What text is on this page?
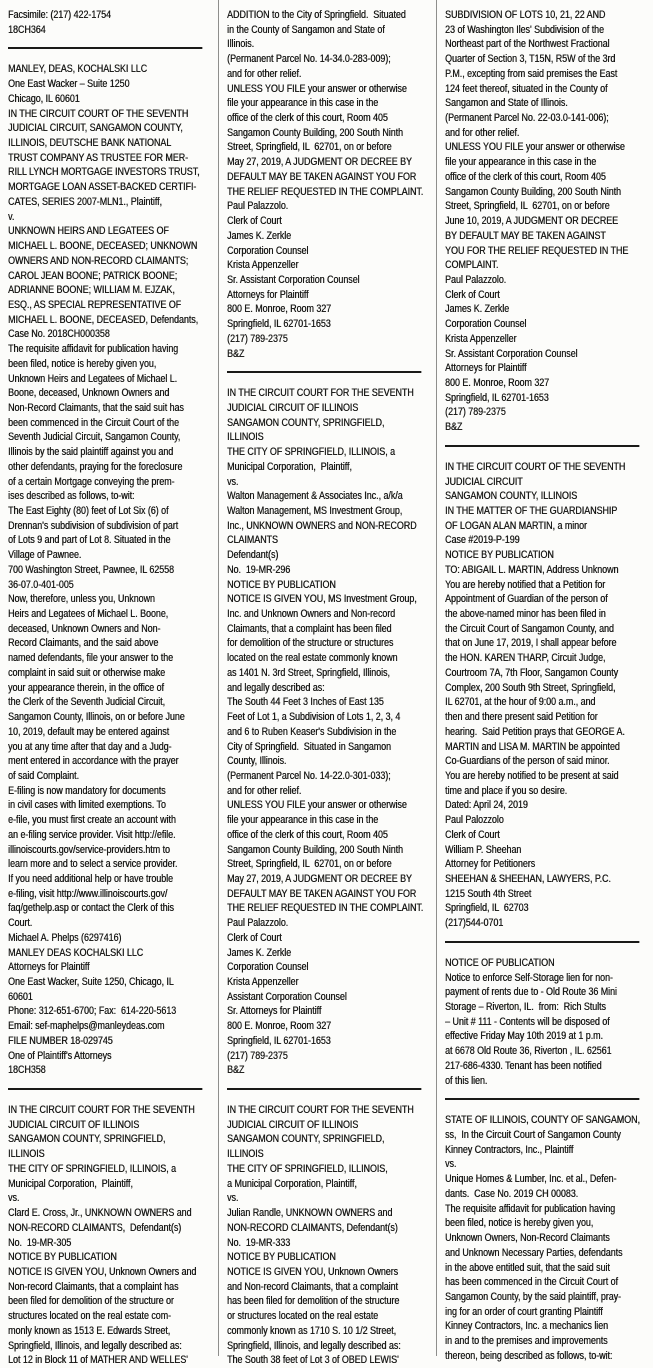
Facsimile: (217) 422-1754
18CH364
MANLEY, DEAS, KOCHALSKI LLC
One East Wacker – Suite 1250
Chicago, IL 60601
IN THE CIRCUIT COURT OF THE SEVENTH
JUDICIAL CIRCUIT, SANGAMON COUNTY,
ILLINOIS, DEUTSCHE BANK NATIONAL
TRUST COMPANY AS TRUSTEE FOR MER-
RILL LYNCH MORTGAGE INVESTORS TRUST,
MORTGAGE LOAN ASSET-BACKED CERTIFI-
CATES, SERIES 2007-MLN1., Plaintiff,
v.
UNKNOWN HEIRS AND LEGATEES OF
MICHAEL L. BOONE, DECEASED; UNKNOWN
OWNERS AND NON-RECORD CLAIMANTS;
CAROL JEAN BOONE; PATRICK BOONE;
ADRIANNE BOONE; WILLIAM M. EJZAK,
ESQ., AS SPECIAL REPRESENTATIVE OF
MICHAEL L. BOONE, DECEASED, Defendants,
Case No. 2018CH000358
The requisite affidavit for publication having
been filed, notice is hereby given you,
Unknown Heirs and Legatees of Michael L.
Boone, deceased, Unknown Owners and
Non-Record Claimants, that the said suit has
been commenced in the Circuit Court of the
Seventh Judicial Circuit, Sangamon County,
Illinois by the said plaintiff against you and
other defendants, praying for the foreclosure
of a certain Mortgage conveying the prem-
ises described as follows, to-wit:
The East Eighty (80) feet of Lot Six (6) of
Drennan's subdivision of subdivision of part
of Lots 9 and part of Lot 8. Situated in the
Village of Pawnee.
700 Washington Street, Pawnee, IL 62558
36-07.0-401-005
Now, therefore, unless you, Unknown
Heirs and Legatees of Michael L. Boone,
deceased, Unknown Owners and Non-
Record Claimants, and the said above
named defendants, file your answer to the
complaint in said suit or otherwise make
your appearance therein, in the office of
the Clerk of the Seventh Judicial Circuit,
Sangamon County, Illinois, on or before June
10, 2019, default may be entered against
you at any time after that day and a Judg-
ment entered in accordance with the prayer
of said Complaint.
E-filing is now mandatory for documents
in civil cases with limited exemptions. To
e-file, you must first create an account with
an e-filing service provider. Visit http://efile.
illinoiscourts.gov/service-providers.htm to
learn more and to select a service provider.
If you need additional help or have trouble
e-filing, visit http://www.illinoiscourts.gov/
faq/gethelp.asp or contact the Clerk of this
Court.
Michael A. Phelps (6297416)
MANLEY DEAS KOCHALSKI LLC
Attorneys for Plaintiff
One East Wacker, Suite 1250, Chicago, IL
60601
Phone: 312-651-6700; Fax:  614-220-5613
Email: sef-maphelps@manleydeas.com
FILE NUMBER 18-029745
One of Plaintiff's Attorneys
18CH358
IN THE CIRCUIT COURT FOR THE SEVENTH
JUDICIAL CIRCUIT OF ILLINOIS
SANGAMON COUNTY, SPRINGFIELD,
ILLINOIS
THE CITY OF SPRINGFIELD, ILLINOIS, a
Municipal Corporation,  Plaintiff,
vs.
Clard E. Cross, Jr., UNKNOWN OWNERS and
NON-RECORD CLAIMANTS,  Defendant(s)
No.  19-MR-305
NOTICE BY PUBLICATION
NOTICE IS GIVEN YOU, Unknown Owners and
Non-record Claimants, that a complaint has
been filed for demolition of the structure or
structures located on the real estate com-
monly known as 1513 E. Edwards Street,
Springfield, Illinois, and legally described as:
Lot 12 in Block 11 of MATHER AND WELLES'
ADDITION to the City of Springfield.  Situated
in the County of Sangamon and State of
Illinois.
(Permanent Parcel No. 14-34.0-283-009);
and for other relief.
UNLESS YOU FILE your answer or otherwise
file your appearance in this case in the
office of the clerk of this court, Room 405
Sangamon County Building, 200 South Ninth
Street, Springfield, IL  62701, on or before
May 27, 2019, A JUDGMENT OR DECREE BY
DEFAULT MAY BE TAKEN AGAINST YOU FOR
THE RELIEF REQUESTED IN THE COMPLAINT.
Paul Palazzolo.
Clerk of Court
James K. Zerkle
Corporation Counsel
Krista Appenzeller
Sr. Assistant Corporation Counsel
Attorneys for Plaintiff
800 E. Monroe, Room 327
Springfield, IL 62701-1653
(217) 789-2375
B&Z
IN THE CIRCUIT COURT FOR THE SEVENTH
JUDICIAL CIRCUIT OF ILLINOIS
SANGAMON COUNTY, SPRINGFIELD,
ILLINOIS
THE CITY OF SPRINGFIELD, ILLINOIS, a
Municipal Corporation,  Plaintiff,
vs.
Walton Management & Associates Inc., a/k/a
Walton Management, MS Investment Group,
Inc., UNKNOWN OWNERS and NON-RECORD
CLAIMANTS
Defendant(s)
No.  19-MR-296
NOTICE BY PUBLICATION
NOTICE IS GIVEN YOU, MS Investment Group,
Inc. and Unknown Owners and Non-record
Claimants, that a complaint has been filed
for demolition of the structure or structures
located on the real estate commonly known
as 1401 N. 3rd Street, Springfield, Illinois,
and legally described as:
The South 44 Feet 3 Inches of East 135
Feet of Lot 1, a Subdivision of Lots 1, 2, 3, 4
and 6 to Ruben Keaser's Subdivision in the
City of Springfield.  Situated in Sangamon
County, Illinois.
(Permanent Parcel No. 14-22.0-301-033);
and for other relief.
UNLESS YOU FILE your answer or otherwise
file your appearance in this case in the
office of the clerk of this court, Room 405
Sangamon County Building, 200 South Ninth
Street, Springfield, IL  62701, on or before
May 27, 2019, A JUDGMENT OR DECREE BY
DEFAULT MAY BE TAKEN AGAINST YOU FOR
THE RELIEF REQUESTED IN THE COMPLAINT.
Paul Palazzolo.
Clerk of Court
James K. Zerkle
Corporation Counsel
Krista Appenzeller
Assistant Corporation Counsel
Sr. Attorneys for Plaintiff
800 E. Monroe, Room 327
Springfield, IL 62701-1653
(217) 789-2375
B&Z
IN THE CIRCUIT COURT FOR THE SEVENTH
JUDICIAL CIRCUIT OF ILLINOIS
SANGAMON COUNTY, SPRINGFIELD,
ILLINOIS
THE CITY OF SPRINGFIELD, ILLINOIS,
a Municipal Corporation, Plaintiff,
vs.
Julian Randle, UNKNOWN OWNERS and
NON-RECORD CLAIMANTS, Defendant(s)
No.  19-MR-333
NOTICE BY PUBLICATION
NOTICE IS GIVEN YOU, Unknown Owners
and Non-record Claimants, that a complaint
has been filed for demolition of the structure
or structures located on the real estate
commonly known as 1710 S. 10 1/2 Street,
Springfield, Illinois, and legally described as:
The South 38 feet of Lot 3 of OBED LEWIS'
SUBDIVISION OF LOTS 10, 21, 22 AND
23 of Washington Iles' Subdivision of the
Northeast part of the Northwest Fractional
Quarter of Section 3, T15N, R5W of the 3rd
P.M., excepting from said premises the East
124 feet thereof, situated in the County of
Sangamon and State of Illinois.
(Permanent Parcel No. 22-03.0-141-006);
and for other relief.
UNLESS YOU FILE your answer or otherwise
file your appearance in this case in the
office of the clerk of this court, Room 405
Sangamon County Building, 200 South Ninth
Street, Springfield, IL  62701, on or before
June 10, 2019, A JUDGMENT OR DECREE
BY DEFAULT MAY BE TAKEN AGAINST
YOU FOR THE RELIEF REQUESTED IN THE
COMPLAINT.
Paul Palazzolo.
Clerk of Court
James K. Zerkle
Corporation Counsel
Krista Appenzeller
Sr. Assistant Corporation Counsel
Attorneys for Plaintiff
800 E. Monroe, Room 327
Springfield, IL 62701-1653
(217) 789-2375
B&Z
IN THE CIRCUIT COURT OF THE SEVENTH
JUDICIAL CIRCUIT
SANGAMON COUNTY, ILLINOIS
IN THE MATTER OF THE GUARDIANSHIP
OF LOGAN ALAN MARTIN, a minor
Case #2019-P-199
NOTICE BY PUBLICATION
TO: ABIGAIL L. MARTIN, Address Unknown
You are hereby notified that a Petition for
Appointment of Guardian of the person of
the above-named minor has been filed in
the Circuit Court of Sangamon County, and
that on June 17, 2019, I shall appear before
the HON. KAREN THARP, Circuit Judge,
Courtroom 7A, 7th Floor, Sangamon County
Complex, 200 South 9th Street, Springfield,
IL 62701, at the hour of 9:00 a.m., and
then and there present said Petition for
hearing.  Said Petition prays that GEORGE A.
MARTIN and LISA M. MARTIN be appointed
Co-Guardians of the person of said minor.
You are hereby notified to be present at said
time and place if you so desire.
Dated: April 24, 2019
Paul Palozzolo
Clerk of Court
William P. Sheehan
Attorney for Petitioners
SHEEHAN & SHEEHAN, LAWYERS, P.C.
1215 South 4th Street
Springfield, IL  62703
(217)544-0701
NOTICE OF PUBLICATION
Notice to enforce Self-Storage lien for non-
payment of rents due to - Old Route 36 Mini
Storage – Riverton, IL.  from:  Rich Stults
– Unit # 111 - Contents will be disposed of
effective Friday May 10th 2019 at 1 p.m.
at 6678 Old Route 36, Riverton , IL. 62561
217-686-4330. Tenant has been notified
of this lien.
STATE OF ILLINOIS, COUNTY OF SANGAMON,
ss,  In the Circuit Court of Sangamon County
Kinney Contractors, Inc., Plaintiff
vs.
Unique Homes & Lumber, Inc. et al., Defen-
dants.  Case No. 2019 CH 00083.
The requisite affidavit for publication having
been filed, notice is hereby given you,
Unknown Owners, Non-Record Claimants
and Unknown Necessary Parties, defendants
in the above entitled suit, that the said suit
has been commenced in the Circuit Court of
Sangamon County, by the said plaintiff, pray-
ing for an order of court granting Plaintiff
Kinney Contractors, Inc. a mechanics lien
in and to the premises and improvements
thereon, being described as follows, to-wit:
